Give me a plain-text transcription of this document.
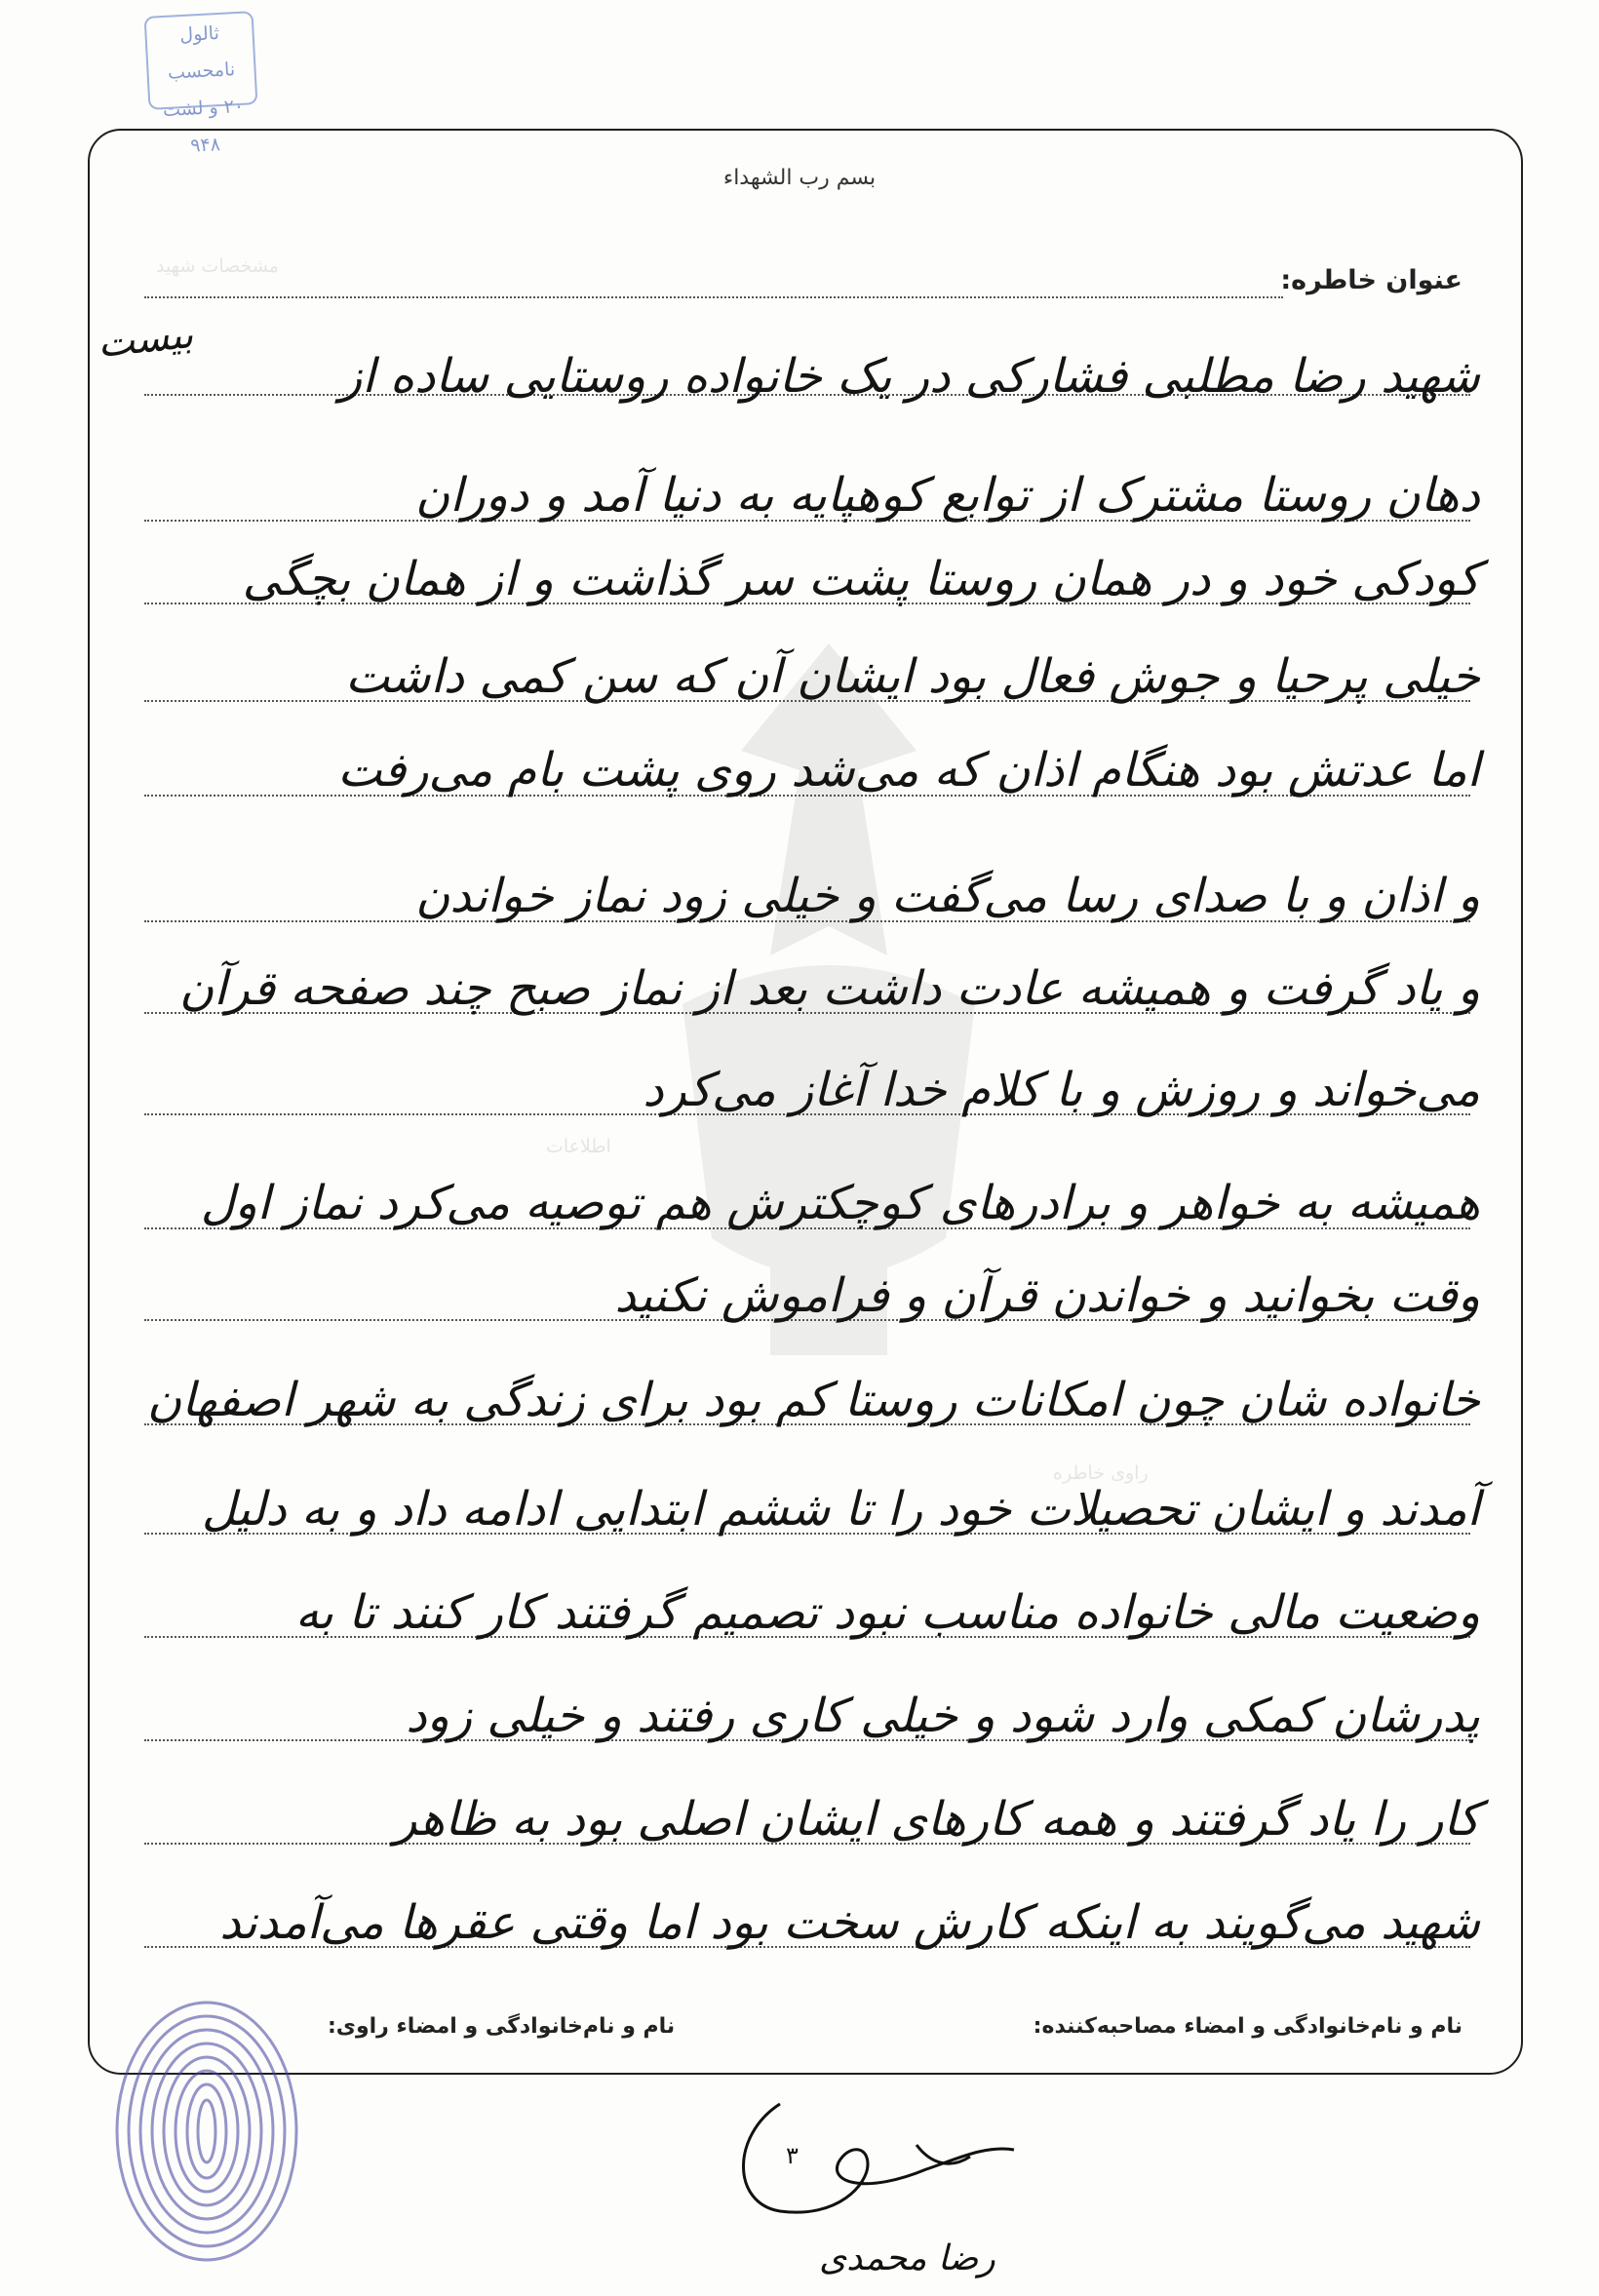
ثالول نامحسب
۲۰ و لشت ۹۴۸
مشخصات شهید
اطلاعات
راوی خاطره
بسم رب الشهداء
عنوان خاطره:
بیست
شهید رضا مطلبی فشارکی در یک خانواده روستایی ساده از
دهان روستا مشترک از توابع کوهپایه به دنیا آمد و دوران
کودکی خود و در همان روستا پشت سر گذاشت و از همان بچگی
خیلی پرحیا و جوش فعال بود ایشان آن که سن کمی داشت
اما عدتش بود هنگام اذان که می‌شد روی پشت بام می‌رفت
و اذان و با صدای رسا می‌گفت و خیلی زود نماز خواندن
و یاد گرفت و همیشه عادت داشت بعد از نماز صبح چند صفحه قرآن
می‌خواند و روزش و با کلام خدا آغاز می‌کرد
همیشه به خواهر و برادرهای کوچکترش هم توصیه می‌کرد نماز اول
وقت بخوانید و خواندن قرآن و فراموش نکنید
خانواده شان چون امکانات روستا کم بود برای زندگی به شهر اصفهان
آمدند و ایشان تحصیلات خود را تا ششم ابتدایی ادامه داد و به دلیل
وضعیت مالی خانواده مناسب نبود تصمیم گرفتند کار کنند تا به
پدرشان کمکی وارد شود و خیلی کاری رفتند و خیلی زود
کار را یاد گرفتند و همه کارهای ایشان اصلی بود به ظاهر
شهید می‌گویند به اینکه کارش سخت بود اما وقتی عقرها می‌آمدند
نام و نام‌خانوادگی و امضاء مصاحبه‌کننده:
نام و نام‌خانوادگی و امضاء راوی:
۳
رضا محمدی
